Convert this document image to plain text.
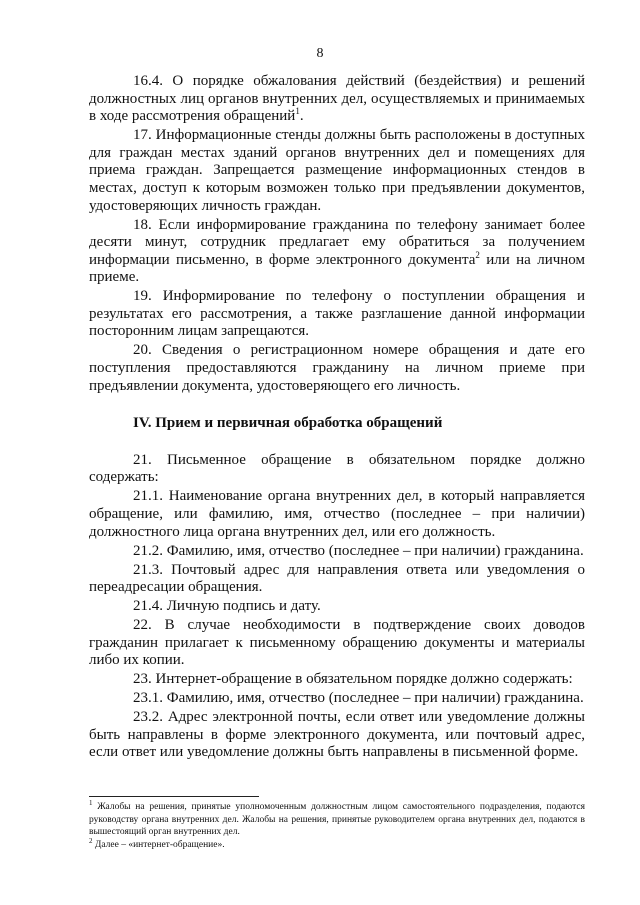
8

16.4. О порядке обжалования действий (бездействия) и решений должностных лиц органов внутренних дел, осуществляемых и принимаемых в ходе рассмотрения обращений$^1$.

17. Информационные стенды должны быть расположены в доступных для граждан местах зданий органов внутренних дел и помещениях для приема граждан. Запрещается размещение информационных стендов в местах, доступ к которым возможен только при предъявлении документов, удостоверяющих личность граждан.

18. Если информирование гражданина по телефону занимает более десяти минут, сотрудник предлагает ему обратиться за получением информации письменно, в форме электронного документа$^2$ или на личном приеме.

19. Информирование по телефону о поступлении обращения и результатах его рассмотрения, а также разглашение данной информации посторонним лицам запрещаются.

20. Сведения о регистрационном номере обращения и дате его поступления предоставляются гражданину на личном приеме при предъявлении документа, удостоверяющего его личность.

IV. Прием и первичная обработка обращений

21. Письменное обращение в обязательном порядке должно содержать:

21.1. Наименование органа внутренних дел, в который направляется обращение, или фамилию, имя, отчество (последнее – при наличии) должностного лица органа внутренних дел, или его должность.

21.2. Фамилию, имя, отчество (последнее – при наличии) гражданина.

21.3. Почтовый адрес для направления ответа или уведомления о переадресации обращения.

21.4. Личную подпись и дату.

22. В случае необходимости в подтверждение своих доводов гражданин прилагает к письменному обращению документы и материалы либо их копии.

23. Интернет-обращение в обязательном порядке должно содержать:

23.1. Фамилию, имя, отчество (последнее – при наличии) гражданина.

23.2. Адрес электронной почты, если ответ или уведомление должны быть направлены в форме электронного документа, или почтовый адрес, если ответ или уведомление должны быть направлены в письменной форме.

$^1$ Жалобы на решения, принятые уполномоченным должностным лицом самостоятельного подразделения, подаются руководству органа внутренних дел. Жалобы на решения, принятые руководителем органа внутренних дел, подаются в вышестоящий орган внутренних дел.

$^2$ Далее – «интернет-обращение».
